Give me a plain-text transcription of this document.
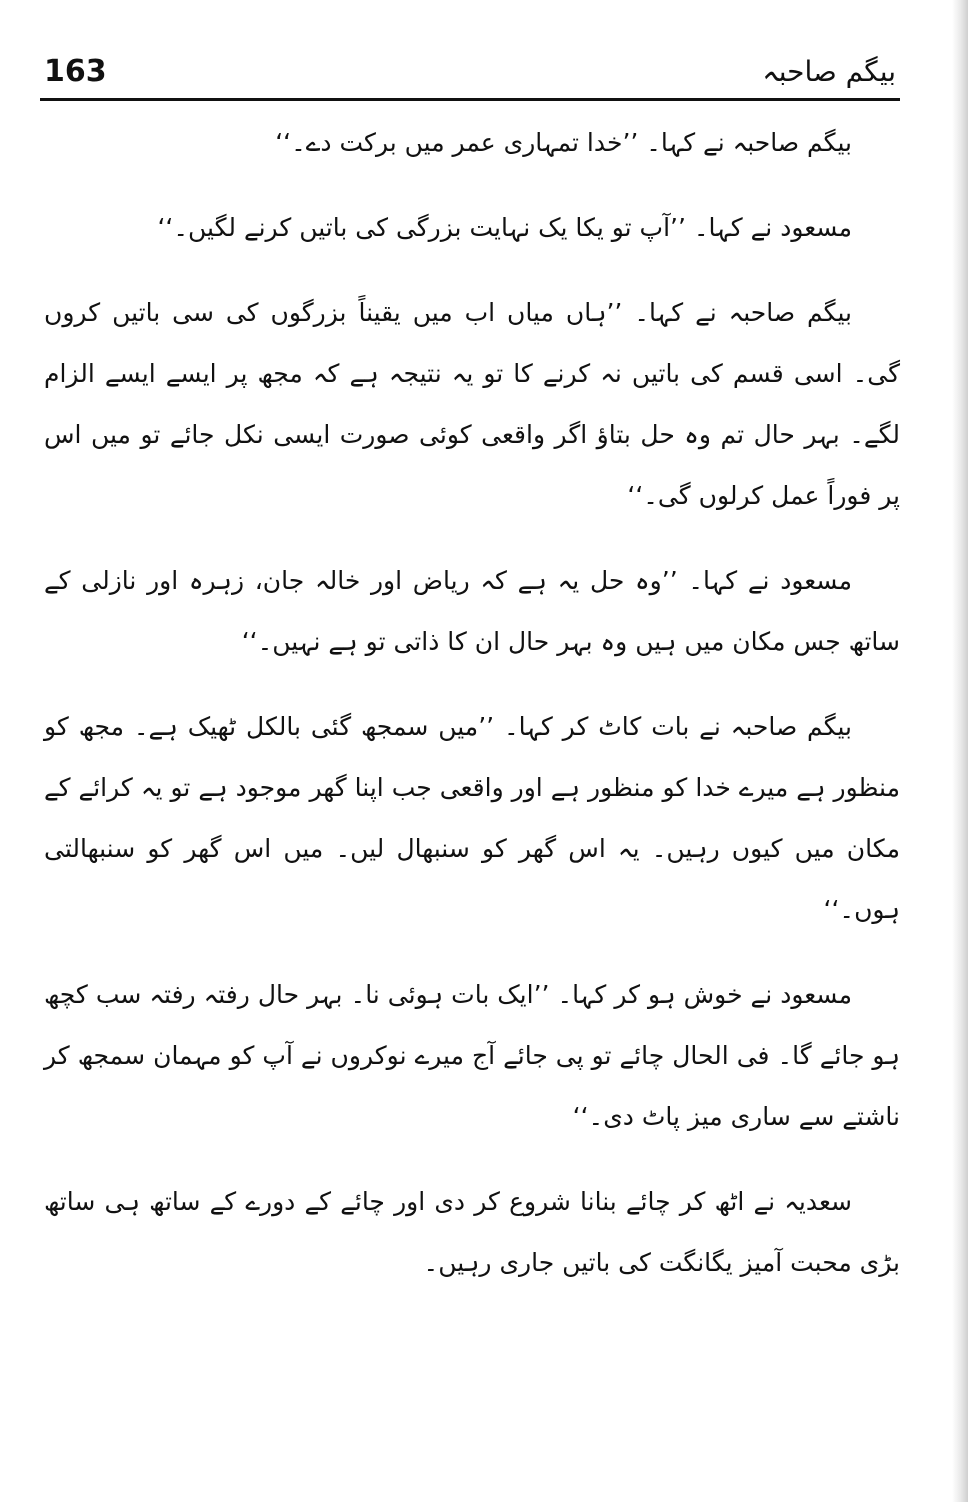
163	بیگم صاحبہ

بیگم صاحبہ نے کہا۔ ’’خدا تمہاری عمر میں برکت دے۔‘‘

مسعود نے کہا۔ ’’آپ تو یکا یک نہایت بزرگی کی باتیں کرنے لگیں۔‘‘

بیگم صاحبہ نے کہا۔ ’’ہاں میاں اب میں یقیناً بزرگوں کی سی باتیں کروں گی۔ اسی قسم کی باتیں نہ کرنے کا تو یہ نتیجہ ہے کہ مجھ پر ایسے ایسے الزام لگے۔ بہر حال تم وہ حل بتاؤ اگر واقعی کوئی صورت ایسی نکل جائے تو میں اس پر فوراً عمل کرلوں گی۔‘‘

مسعود نے کہا۔ ’’وہ حل یہ ہے کہ ریاض اور خالہ جان، زہرہ اور نازلی کے ساتھ جس مکان میں ہیں وہ بہر حال ان کا ذاتی تو ہے نہیں۔‘‘

بیگم صاحبہ نے بات کاٹ کر کہا۔ ’’میں سمجھ گئی بالکل ٹھیک ہے۔ مجھ کو منظور ہے میرے خدا کو منظور ہے اور واقعی جب اپنا گھر موجود ہے تو یہ کرائے کے مکان میں کیوں رہیں۔ یہ اس گھر کو سنبھال لیں۔ میں اس گھر کو سنبھالتی ہوں۔‘‘

مسعود نے خوش ہو کر کہا۔ ’’ایک بات ہوئی نا۔ بہر حال رفتہ رفتہ سب کچھ ہو جائے گا۔ فی الحال چائے تو پی جائے آج میرے نوکروں نے آپ کو مہمان سمجھ کر ناشتے سے ساری میز پاٹ دی۔‘‘

سعدیہ نے اٹھ کر چائے بنانا شروع کر دی اور چائے کے دورے کے ساتھ ہی ساتھ بڑی محبت آمیز یگانگت کی باتیں جاری رہیں۔
